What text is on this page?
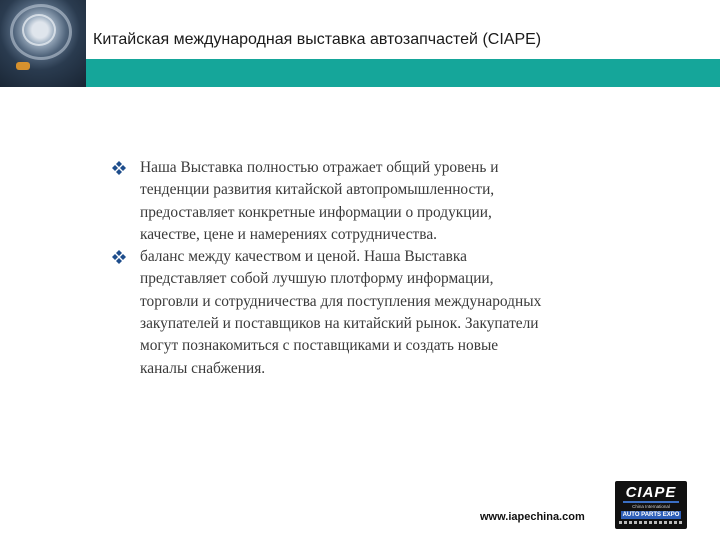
Китайская международная выставка автозапчастей (CIAPE)
Наша Выставка полностью отражает общий уровень и
тенденции развития китайской автопромышленности,
предоставляет конкретные информации о продукции,
качестве, цене и намерениях сотрудничества.
баланс между качеством и ценой. Наша Выставка
представляет собой лучшую плотформу информации,
торговли и сотрудничества для поступления международных
закупателей и поставщиков на китайский рынок. Закупатели
могут познакомиться с поставщиками и создать новые
каналы снабжения.
www.iapechina.com
CIAPE
China International
AUTO PARTS EXPO
